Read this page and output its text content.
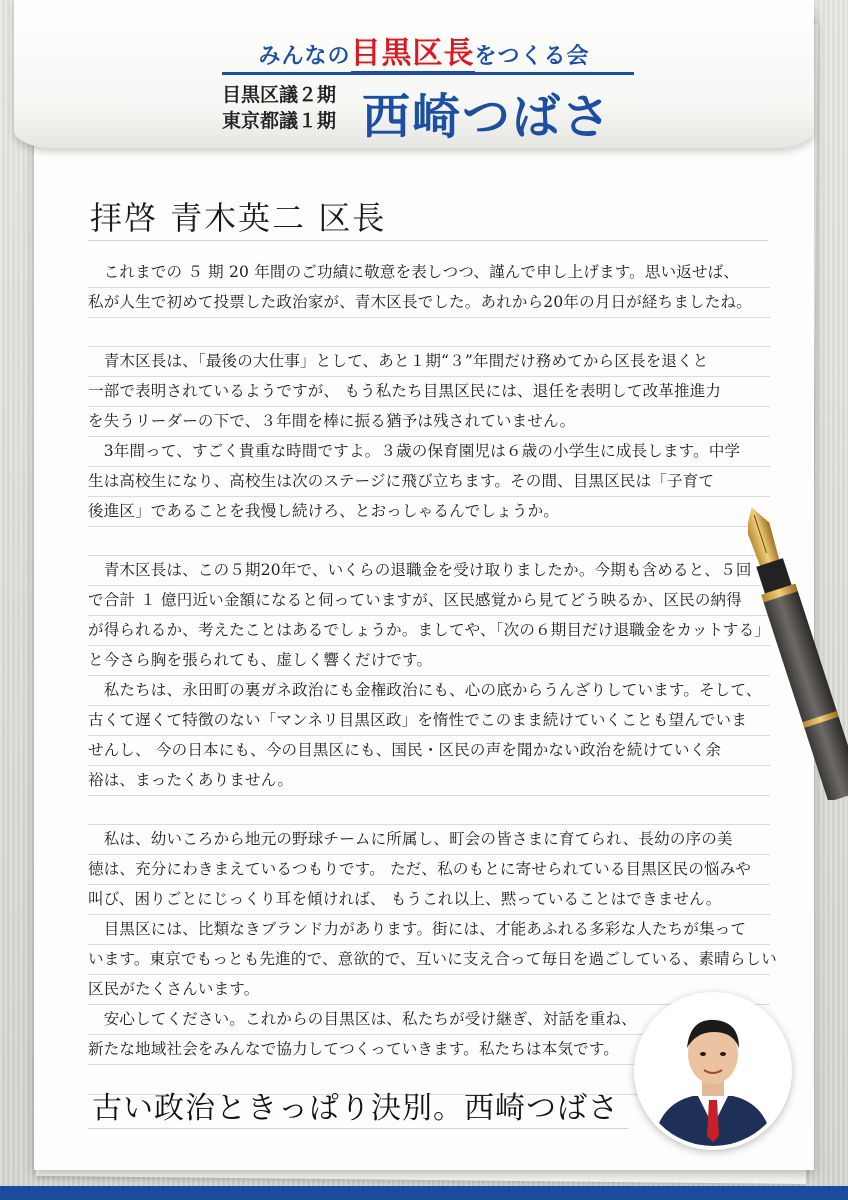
みんなの目黒区長をつくる会
目黒区議２期
東京都議１期 西崎つばさ
拝啓 青木英二 区長
　これまでの ５ 期 20 年間のご功績に敬意を表しつつ、謹んで申し上げます。思い返せば、
私が人生で初めて投票した政治家が、青木区長でした。あれから20年の月日が経ちましたね。
　青木区長は、「最後の大仕事」として、あと１期“３”年間だけ務めてから区長を退くと
一部で表明されているようですが、 もう私たち目黒区民には、退任を表明して改革推進力
を失うリーダーの下で、３年間を棒に振る猶予は残されていません。
　3年間って、すごく貴重な時間ですよ。３歳の保育園児は６歳の小学生に成長します。中学
生は高校生になり、高校生は次のステージに飛び立ちます。その間、目黒区民は「子育て
後進区」であることを我慢し続けろ、とおっしゃるんでしょうか。
　青木区長は、この５期20年で、いくらの退職金を受け取りましたか。今期も含めると、５回
で合計 １ 億円近い金額になると伺っていますが、区民感覚から見てどう映るか、区民の納得
が得られるか、考えたことはあるでしょうか。ましてや、「次の６期目だけ退職金をカットする」
と今さら胸を張られても、虚しく響くだけです。
　私たちは、永田町の裏ガネ政治にも金権政治にも、心の底からうんざりしています。そして、
古くて遅くて特徴のない「マンネリ目黒区政」を惰性でこのまま続けていくことも望んでいま
せんし、 今の日本にも、今の目黒区にも、国民・区民の声を聞かない政治を続けていく余
裕は、まったくありません。
　私は、幼いころから地元の野球チームに所属し、町会の皆さまに育てられ、長幼の序の美
徳は、充分にわきまえているつもりです。 ただ、私のもとに寄せられている目黒区民の悩みや
叫び、困りごとにじっくり耳を傾ければ、 もうこれ以上、黙っていることはできません。
　目黒区には、比類なきブランド力があります。街には、才能あふれる多彩な人たちが集って
います。東京でもっとも先進的で、意欲的で、互いに支え合って毎日を過ごしている、素晴らしい
区民がたくさんいます。
　安心してください。これからの目黒区は、私たちが受け継ぎ、対話を重ね、
新たな地域社会をみんなで協力してつくっていきます。私たちは本気です。
古い政治ときっぱり決別。西崎つばさ
